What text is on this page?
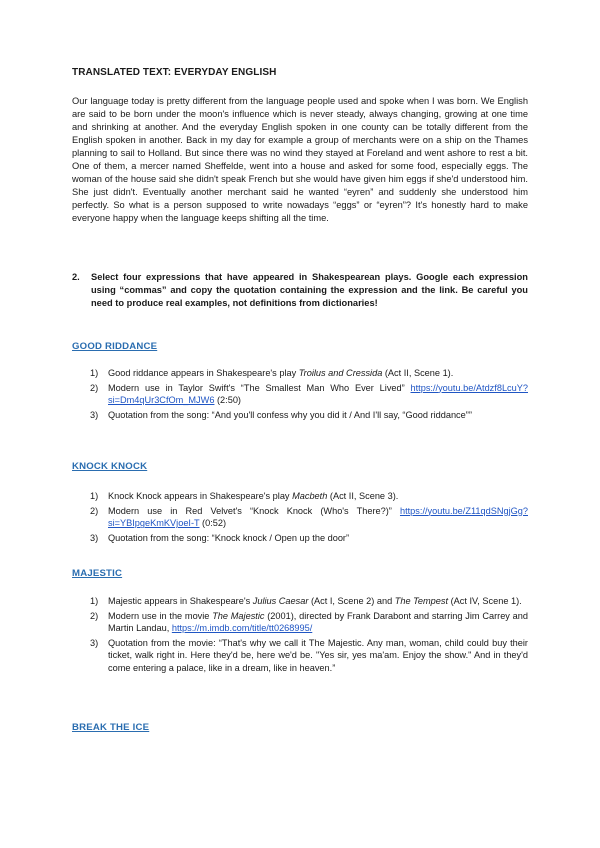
TRANSLATED TEXT: EVERYDAY ENGLISH

Our language today is pretty different from the language people used and spoke when I was born. We English are said to be born under the moon's influence which is never steady, always changing, growing at one time and shrinking at another. And the everyday English spoken in one county can be totally different from the English spoken in another. Back in my day for example a group of merchants were on a ship on the Thames planning to sail to Holland. But since there was no wind they stayed at Foreland and went ashore to rest a bit. One of them, a mercer named Sheffelde, went into a house and asked for some food, especially eggs. The woman of the house said she didn't speak French but she would have given him eggs if she'd understood him. She just didn't. Eventually another merchant said he wanted “eyren” and suddenly she understood him perfectly. So what is a person supposed to write nowadays “eggs” or “eyren”? It's honestly hard to make everyone happy when the language keeps shifting all the time.

2. Select four expressions that have appeared in Shakespearean plays. Google each expression using “commas” and copy the quotation containing the expression and the link. Be careful you need to produce real examples, not definitions from dictionaries!
GOOD RIDDANCE
1) Good riddance appears in Shakespeare's play Troilus and Cressida (Act II, Scene 1).
2) Modern use in Taylor Swift's “The Smallest Man Who Ever Lived” https://youtu.be/Atdzf8LcuY?si=Dm4qUr3CfOm_MJW6 (2:50)
3) Quotation from the song: “And you'll confess why you did it / And I'll say, “Good riddance””
KNOCK KNOCK
1) Knock Knock appears in Shakespeare's play Macbeth (Act II, Scene 3).
2) Modern use in Red Velvet's “Knock Knock (Who's There?)” https://youtu.be/Z11qdSNgjGg?si=YBIpgeKmKVjoeI-T (0:52)
3) Quotation from the song: “Knock knock / Open up the door”
MAJESTIC
1) Majestic appears in Shakespeare's Julius Caesar (Act I, Scene 2) and The Tempest (Act IV, Scene 1).
2) Modern use in the movie The Majestic (2001), directed by Frank Darabont and starring Jim Carrey and Martin Landau, https://m.imdb.com/title/tt0268995/
3) Quotation from the movie: “That's why we call it The Majestic. Any man, woman, child could buy their ticket, walk right in. Here they'd be, here we'd be. "Yes sir, yes ma'am. Enjoy the show." And in they'd come entering a palace, like in a dream, like in heaven.”
BREAK THE ICE
